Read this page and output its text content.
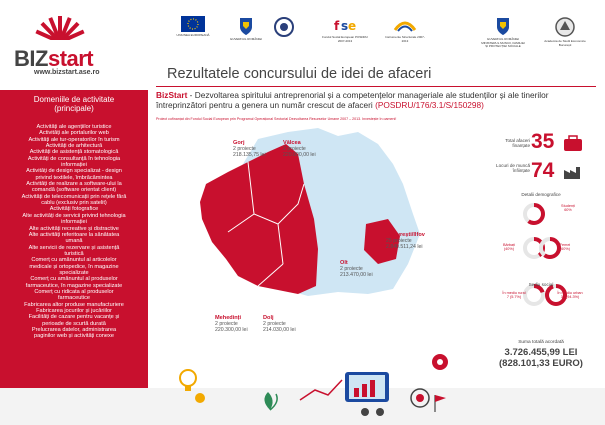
BIZstart
www.bizstart.ase.ro
UNIUNEA EUROPEANĂ
GUVERNUL ROMÂNIEI
f s e
Fondul Social European POSDRU 2007-2013
Instrumente Structurale 2007-2013	GUVERNUL ROMÂNIEI MINISTERUL MUNCII, FAMILIEI ȘI PROTECȚIEI SOCIALE
Academia de Studii Economice București
Domeniile de activitate (principale)
Activități ale agențiilor turistice
Activități ale portalurilor web
Activități ale tur-operatorilor în turism
Activități de arhitectură
Activități de asistență stomatologică
Activități de consultanță în tehnologia
informației
Activități de design specializat - design
privind textilele, îmbrăcămintea
Activități de realizare a software-ului la
comandă (software orientat client)
Activități de telecomunicații prin rețele fără
cablu (exclusiv prin satelit)
Activități fotografice
Alte activități de servicii privind tehnologia
informației
Alte activități recreative și distractive
Alte activități referitoare la sănătatea
umană
Alte servicii de rezervare și asistență
turistică
Comerț cu amănuntul al articolelor
medicale și ortopedice, în magazine
specializate
Comerț cu amănuntul al produselor
farmaceutice, în magazine specializate
Comerț cu ridicata al produselor
farmaceutice
Fabricarea altor produse manufacturiere
Fabricarea jocurilor și jucăriilor
Facilități de cazare pentru vacanțe și
perioade de scurtă durată
Prelucrarea datelor, administrarea
paginilor web și activități conexe
Rezultatele concursului de idei de afaceri
BizStart - Dezvoltarea spiritului antreprenorial și a competențelor manageriale ale studenților și ale tinerilor întreprinzători pentru a genera un număr crescut de afaceri (POSDRU/176/3.1/S/150298)
Proiect cofinanțat din Fondul Social European prin Programul Operațional Sectorial Dezvoltarea Resurselor Umane 2007 – 2013. Investește în oameni!
Gorj
2 proiecte
218.135,75 lei
Vâlcea
2 proiecte
220.000,00 lei
București/Ilfov
25 proiecte
2.840.511,24 lei
Olt
2 proiecte
213.470,00 lei
Mehedinți
2 proiecte
220.300,00 lei
Dolj
2 proiecte
214.030,00 lei
Total afaceri finanțate 35
Locuri de muncă înființate 74
Detalii demografice
Studenți
60%
Bărbați
(40%)
Femei
(60%)
Sediu social
În mediu rural
7 (5.7%)
În mediu urban
33 (94.3%)
Suma totală acordată
3.726.455,99 LEI
(828.101,33 EURO)
